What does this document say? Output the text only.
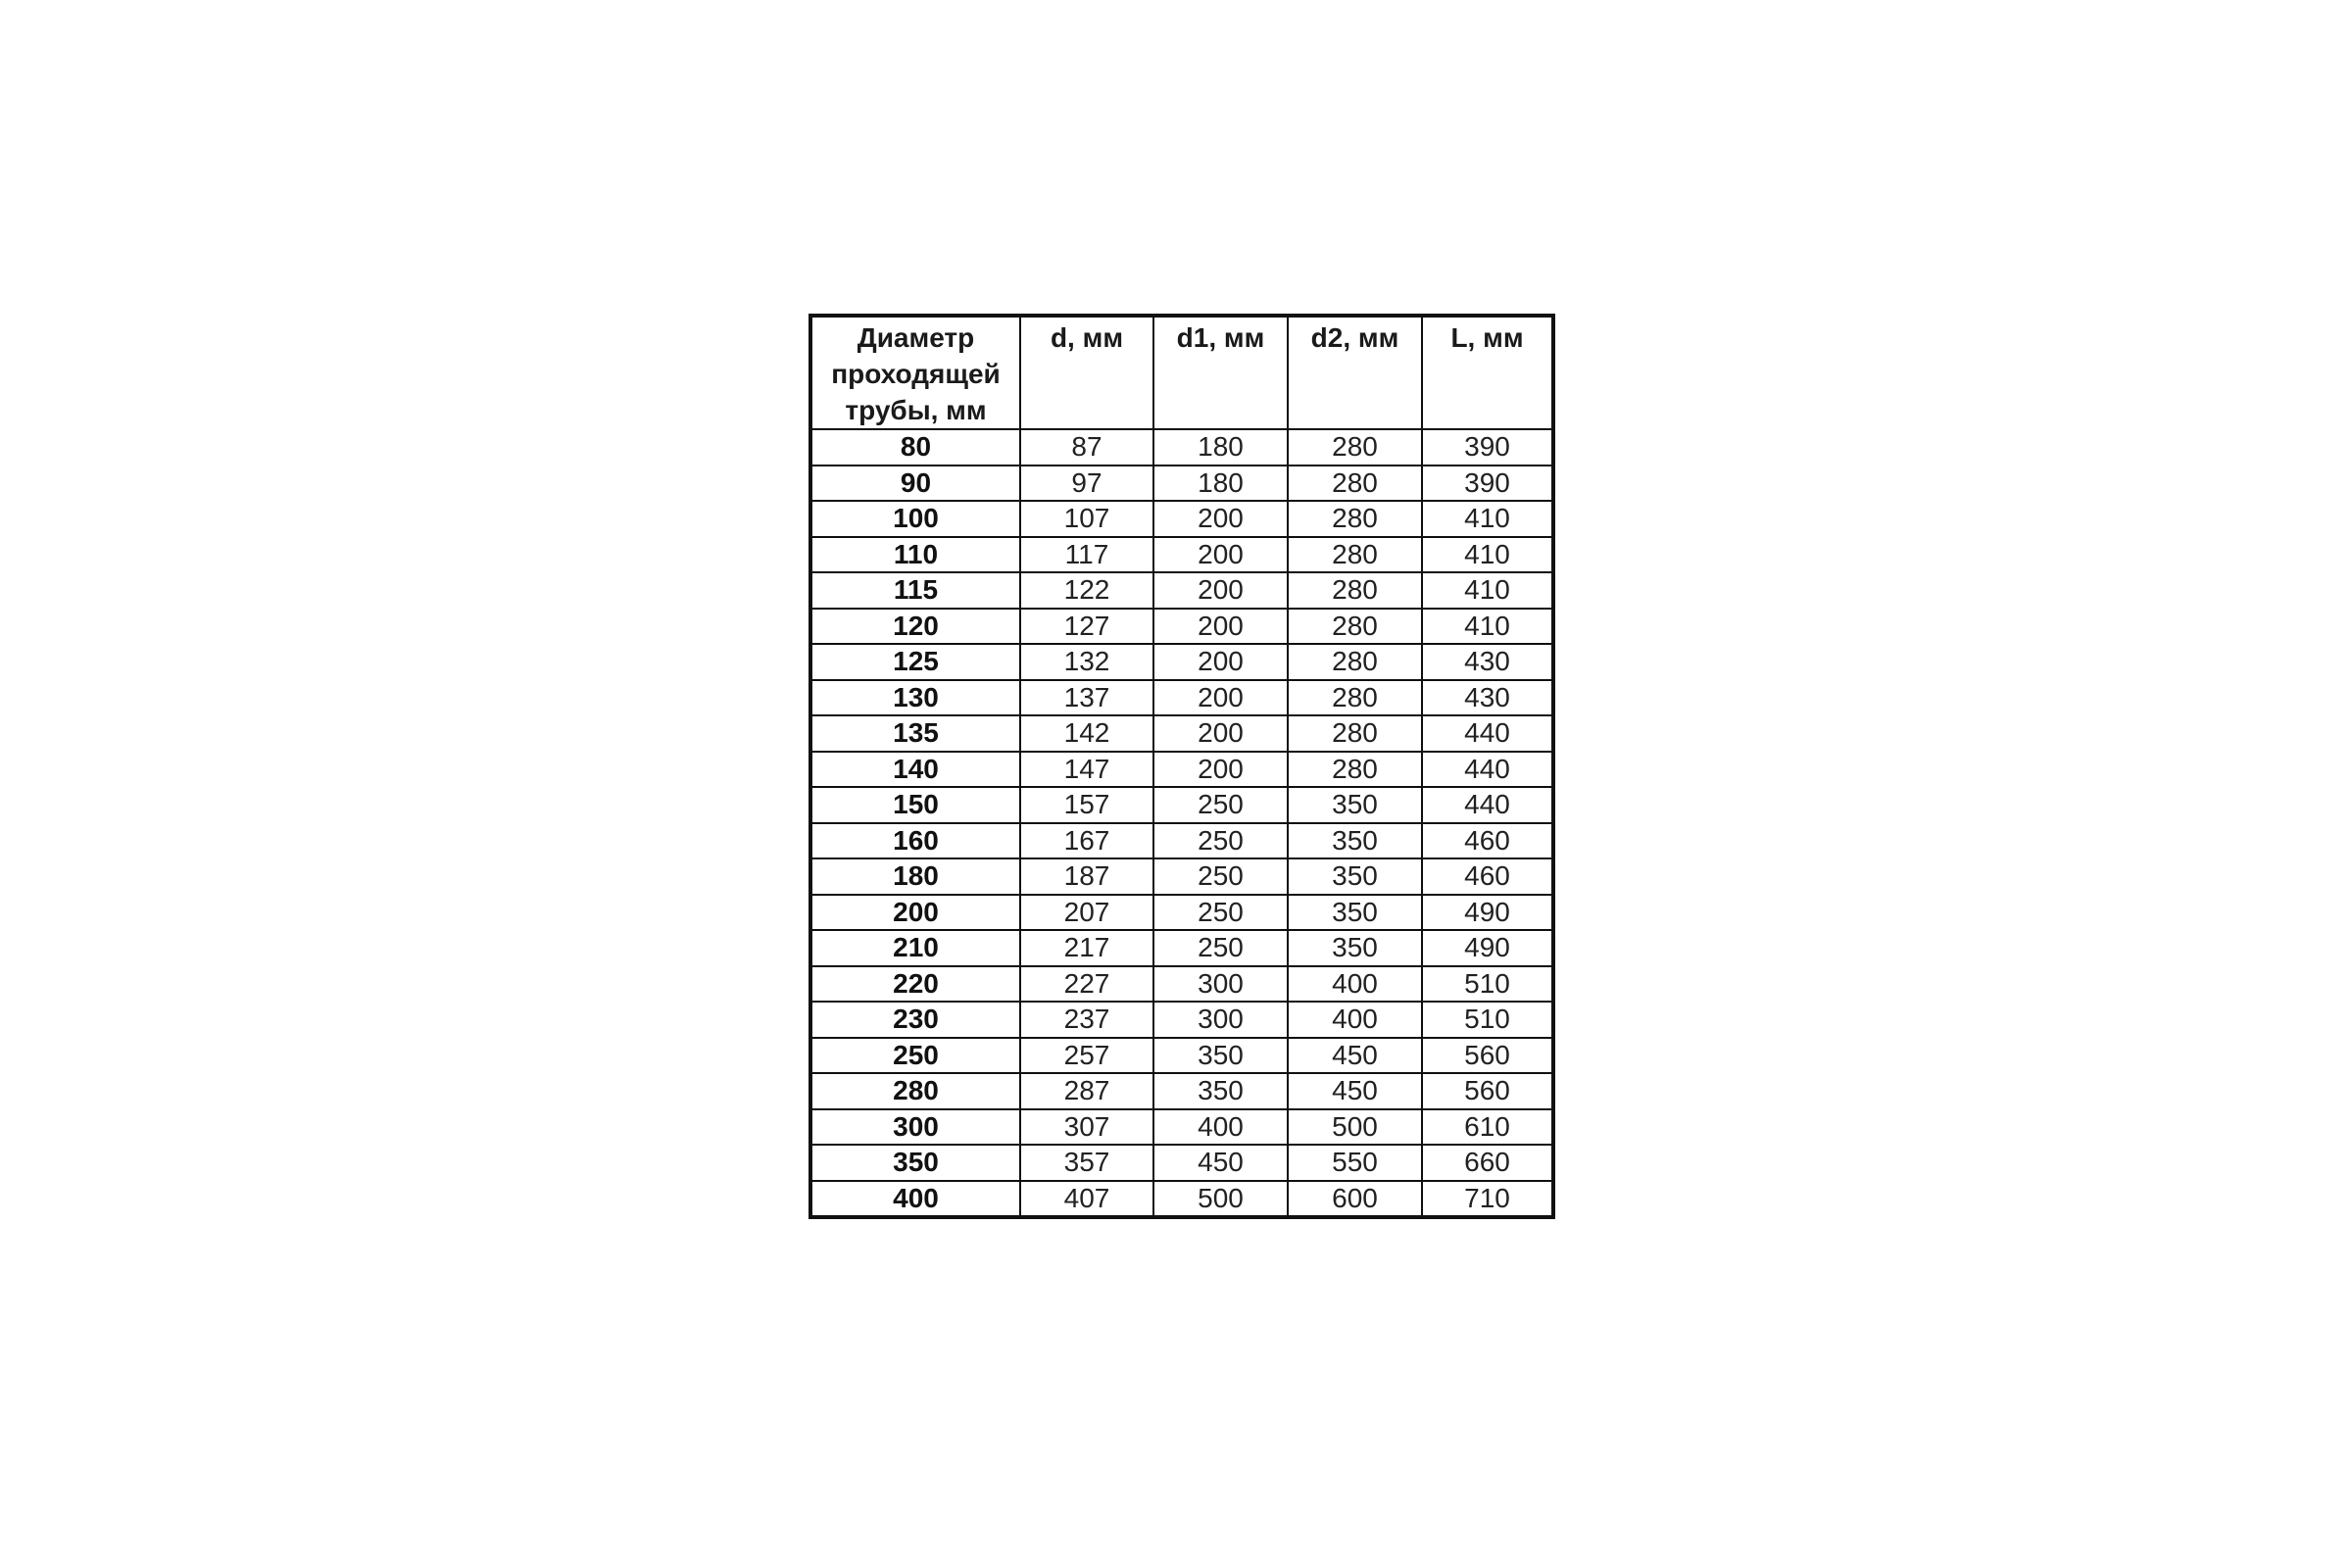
Диаметр проходящей трубы, мм	d, мм	d1, мм	d2, мм	L, мм
80	87	180	280	390
90	97	180	280	390
100	107	200	280	410
110	117	200	280	410
115	122	200	280	410
120	127	200	280	410
125	132	200	280	430
130	137	200	280	430
135	142	200	280	440
140	147	200	280	440
150	157	250	350	440
160	167	250	350	460
180	187	250	350	460
200	207	250	350	490
210	217	250	350	490
220	227	300	400	510
230	237	300	400	510
250	257	350	450	560
280	287	350	450	560
300	307	400	500	610
350	357	450	550	660
400	407	500	600	710
